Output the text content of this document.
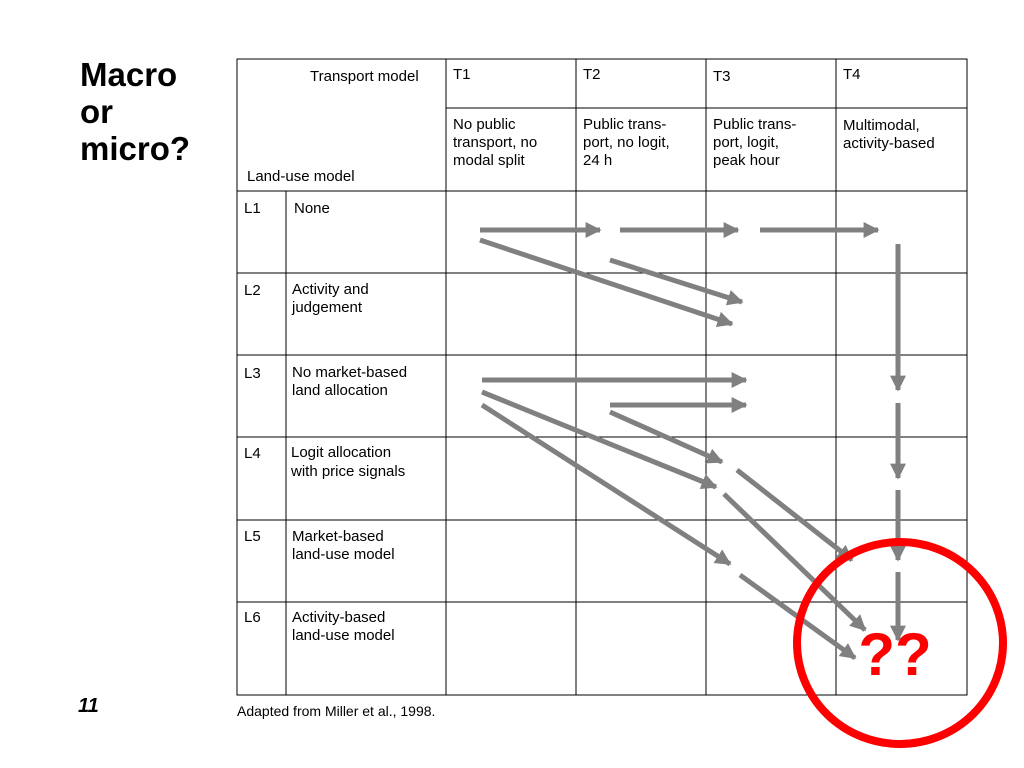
Macro
or
micro?
11	Adapted from Miller et al., 1998.
Transport model
Land-use model
T1
No public
transport, no
modal split
T2
Public trans-
port, no logit,
24 h
T3
Public trans-
port, logit,
peak hour
T4
Multimodal,
activity-based
L1 None
L2 Activity and
judgement
L3 No market-based
land allocation
L4 Logit allocation
with price signals
L5 Market-based
land-use model
L6 Activity-based
land-use model	??
